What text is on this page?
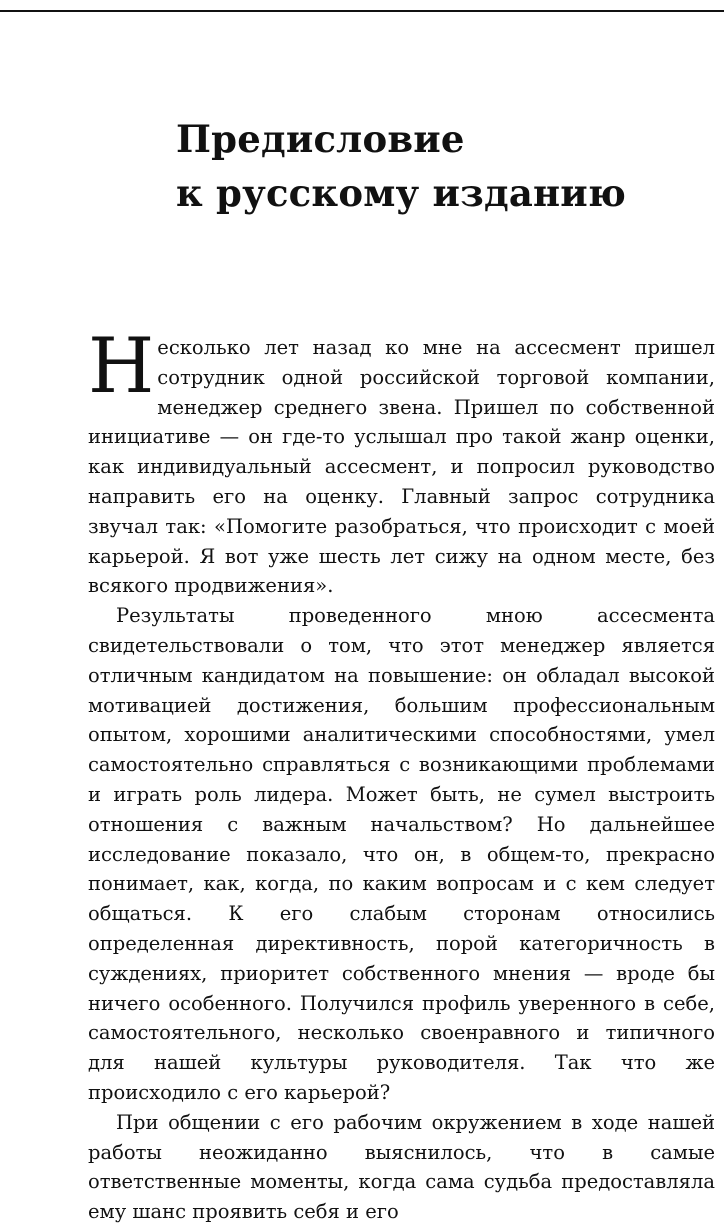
Предисловие
к русскому изданию

Несколько лет назад ко мне на ассесмент пришел сотрудник одной российской торговой компании, менеджер среднего звена. Пришел по собственной инициативе — он где-то услышал про такой жанр оценки, как индивидуальный ассесмент, и попросил руководство направить его на оценку. Главный запрос сотрудника звучал так: «Помогите разобраться, что происходит с моей карьерой. Я вот уже шесть лет сижу на одном месте, без всякого продвижения».

Результаты проведенного мною ассесмента свидетельствовали о том, что этот менеджер является отличным кандидатом на повышение: он обладал высокой мотивацией достижения, большим профессиональным опытом, хорошими аналитическими способностями, умел самостоятельно справляться с возникающими проблемами и играть роль лидера. Может быть, не сумел выстроить отношения с важным начальством? Но дальнейшее исследование показало, что он, в общем-то, прекрасно понимает, как, когда, по каким вопросам и с кем следует общаться. К его слабым сторонам относились определенная директивность, порой категоричность в суждениях, приоритет собственного мнения — вроде бы ничего особенного. Получился профиль уверенного в себе, самостоятельного, несколько своенравного и типичного для нашей культуры руководителя. Так что же происходило с его карьерой?

При общении с его рабочим окружением в ходе нашей работы неожиданно выяснилось, что в самые ответственные моменты, когда сама судьба предоставляла ему шанс проявить себя и его
